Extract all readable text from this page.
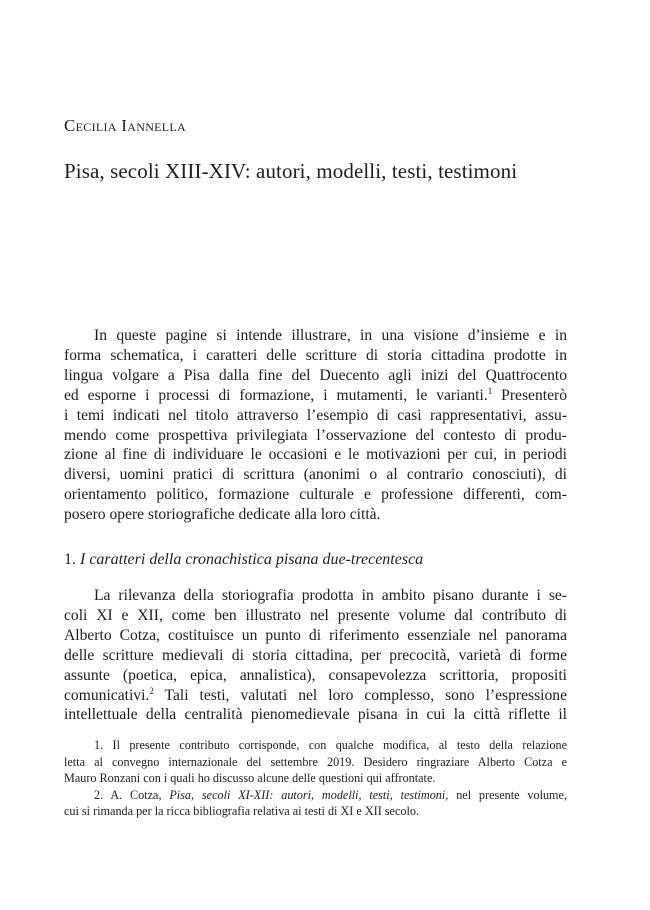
Cecilia Iannella
Pisa, secoli XIII-XIV: autori, modelli, testi, testimoni
In queste pagine si intende illustrare, in una visione d’insieme e in
forma schematica, i caratteri delle scritture di storia cittadina prodotte in
lingua volgare a Pisa dalla fine del Duecento agli inizi del Quattrocento
ed esporne i processi di formazione, i mutamenti, le varianti.$^1$ Presenterò
i temi indicati nel titolo attraverso l’esempio di casi rappresentativi, assu-
mendo come prospettiva privilegiata l’osservazione del contesto di produ-
zione al fine di individuare le occasioni e le motivazioni per cui, in periodi
diversi, uomini pratici di scrittura (anonimi o al contrario conosciuti), di
orientamento politico, formazione culturale e professione differenti, com-
posero opere storiografiche dedicate alla loro città.
1. I caratteri della cronachistica pisana due-trecentesca
La rilevanza della storiografia prodotta in ambito pisano durante i se-
coli XI e XII, come ben illustrato nel presente volume dal contributo di
Alberto Cotza, costituisce un punto di riferimento essenziale nel panorama
delle scritture medievali di storia cittadina, per precocità, varietà di forme
assunte (poetica, epica, annalistica), consapevolezza scrittoria, propositi
comunicativi.$^2$ Tali testi, valutati nel loro complesso, sono l’espressione
intellettuale della centralità pienomedievale pisana in cui la città riflette il
1. Il presente contributo corrisponde, con qualche modifica, al testo della relazione
letta al convegno internazionale del settembre 2019. Desidero ringraziare Alberto Cotza e
Mauro Ronzani con i quali ho discusso alcune delle questioni qui affrontate.
2. A. Cotza, Pisa, secoli XI-XII: autori, modelli, testi, testimoni, nel presente volume,
cui si rimanda per la ricca bibliografia relativa ai testi di XI e XII secolo.
